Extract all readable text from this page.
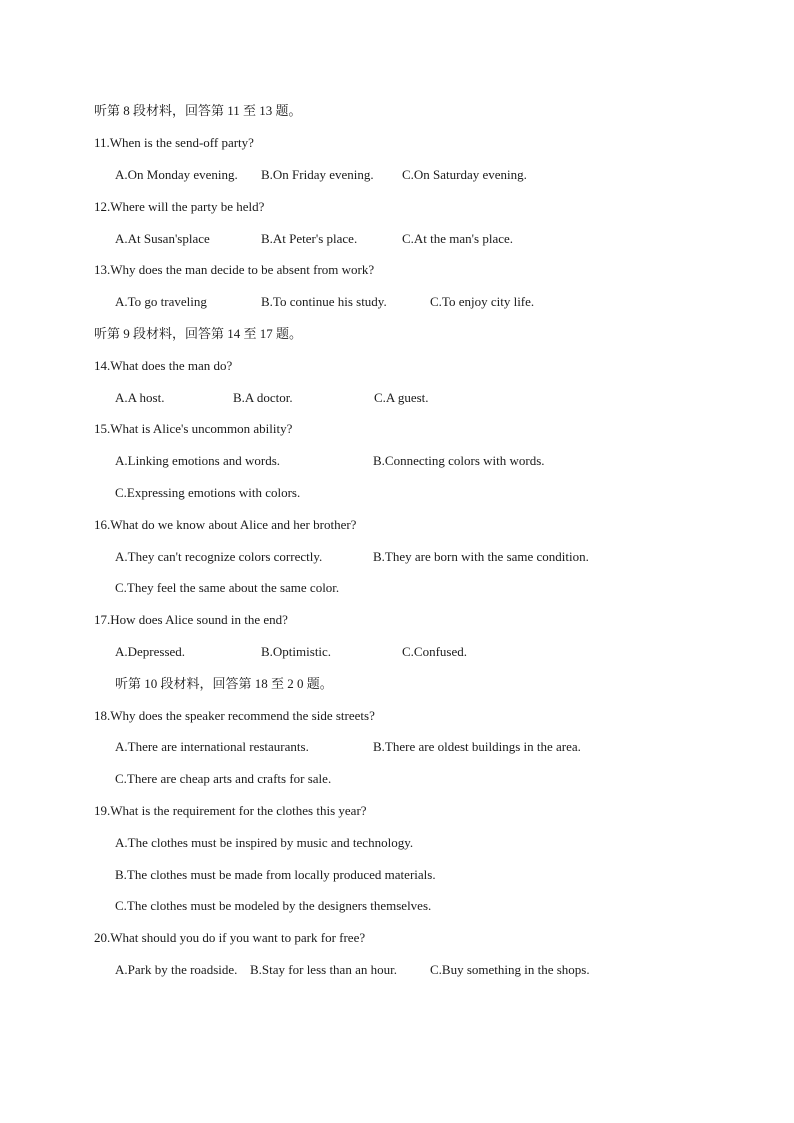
听第 8 段材料，回答第 11 至 13 题。
11.When is the send-off party?
A.On Monday evening. B.On Friday evening. C.On Saturday evening.
12.Where will the party be held?
A.At Susan'splace	B.At Peter's place.	C.At the man's place.
13.Why does the man decide to be absent from work?
A.To go traveling	B.To continue his study.	C.To enjoy city life.
听第 9 段材料，回答第 14 至 17 题。
14.What does the man do?
A.A host.	B.A doctor.	C.A guest.
15.What is Alice's uncommon ability?
A.Linking emotions and words.	B.Connecting colors with words.
C.Expressing emotions with colors.
16.What do we know about Alice and her brother?
A.They can't recognize colors correctly.	B.They are born with the same condition.
C.They feel the same about the same color.
17.How does Alice sound in the end?
A.Depressed.	B.Optimistic.	C.Confused.
听第 10 段材料，回答第 18 至 2 0 题。
18.Why does the speaker recommend the side streets?
A.There are international restaurants.	B.There are oldest buildings in the area.
C.There are cheap arts and crafts for sale.
19.What is the requirement for the clothes this year?
A.The clothes must be inspired by music and technology.
B.The clothes must be made from locally produced materials.
C.The clothes must be modeled by the designers themselves.
20.What should you do if you want to park for free?
A.Park by the roadside. B.Stay for less than an hour.	C.Buy something in the shops.
